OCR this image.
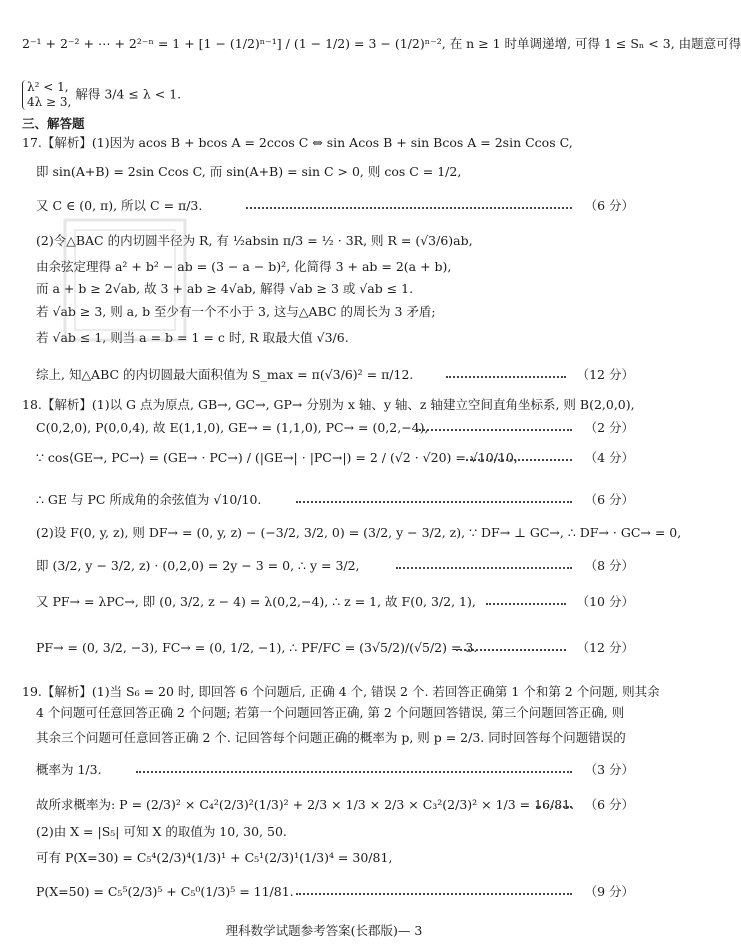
2⁻¹ + 2⁻² + ⋯ + 2²⁻ⁿ = 1 + [1 − (1/2)ⁿ⁻¹] / (1 − 1/2) = 3 − (1/2)ⁿ⁻², 在 n ≥ 1 时单调递增, 可得 1 ≤ Sₙ < 3, 由题意可得
λ² < 1,
4λ ≥ 3,
解得 3/4 ≤ λ < 1.
三、解答题
17.【解析】(1)因为 acos B + bcos A = 2ccos C ⇔ sin Acos B + sin Bcos A = 2sin Ccos C,
即 sin(A+B) = 2sin Ccos C, 而 sin(A+B) = sin C > 0, 则 cos C = 1/2,
又 C ∈ (0, π), 所以 C = π/3.	（6 分）
(2)令△BAC 的内切圆半径为 R, 有 ½absin π/3 = ½ · 3R, 则 R = (√3/6)ab,
由余弦定理得 a² + b² − ab = (3 − a − b)², 化简得 3 + ab = 2(a + b),
而 a + b ≥ 2√ab, 故 3 + ab ≥ 4√ab, 解得 √ab ≥ 3 或 √ab ≤ 1.
若 √ab ≥ 3, 则 a, b 至少有一个不小于 3, 这与△ABC 的周长为 3 矛盾;
若 √ab ≤ 1, 则当 a = b = 1 = c 时, R 取最大值 √3/6.
综上, 知△ABC 的内切圆最大面积值为 S_max = π(√3/6)² = π/12.	（12 分）
18.【解析】(1)以 G 点为原点, GB→, GC→, GP→ 分别为 x 轴、y 轴、z 轴建立空间直角坐标系, 则 B(2,0,0),
C(0,2,0), P(0,0,4), 故 E(1,1,0), GE→ = (1,1,0), PC→ = (0,2,−4),	（2 分）
∵ cos⟨GE→, PC→⟩ = (GE→ · PC→) / (|GE→| · |PC→|) = 2 / (√2 · √20) = √10/10,	（4 分）
∴ GE 与 PC 所成角的余弦值为 √10/10.	（6 分）
(2)设 F(0, y, z), 则 DF→ = (0, y, z) − (−3/2, 3/2, 0) = (3/2, y − 3/2, z), ∵ DF→ ⊥ GC→, ∴ DF→ · GC→ = 0,
即 (3/2, y − 3/2, z) · (0,2,0) = 2y − 3 = 0, ∴ y = 3/2,	（8 分）
又 PF→ = λPC→, 即 (0, 3/2, z − 4) = λ(0,2,−4), ∴ z = 1, 故 F(0, 3/2, 1),	（10 分）
PF→ = (0, 3/2, −3), FC→ = (0, 1/2, −1), ∴ PF/FC = (3√5/2)/(√5/2) = 3.	（12 分）
19.【解析】(1)当 S₆ = 20 时, 即回答 6 个问题后, 正确 4 个, 错误 2 个. 若回答正确第 1 个和第 2 个问题, 则其余
4 个问题可任意回答正确 2 个问题; 若第一个问题回答正确, 第 2 个问题回答错误, 第三个问题回答正确, 则
其余三个问题可任意回答正确 2 个. 记回答每个问题正确的概率为 p, 则 p = 2/3. 同时回答每个问题错误的
概率为 1/3.	（3 分）
故所求概率为: P = (2/3)² × C₄²(2/3)²(1/3)² + 2/3 × 1/3 × 2/3 × C₃²(2/3)² × 1/3 = 16/81. （6 分）
(2)由 X = |S₅| 可知 X 的取值为 10, 30, 50.
可有 P(X=30) = C₅⁴(2/3)⁴(1/3)¹ + C₅¹(2/3)¹(1/3)⁴ = 30/81,
P(X=50) = C₅⁵(2/3)⁵ + C₅⁰(1/3)⁵ = 11/81.	（9 分）
理科数学试题参考答案(长郡版)— 3
